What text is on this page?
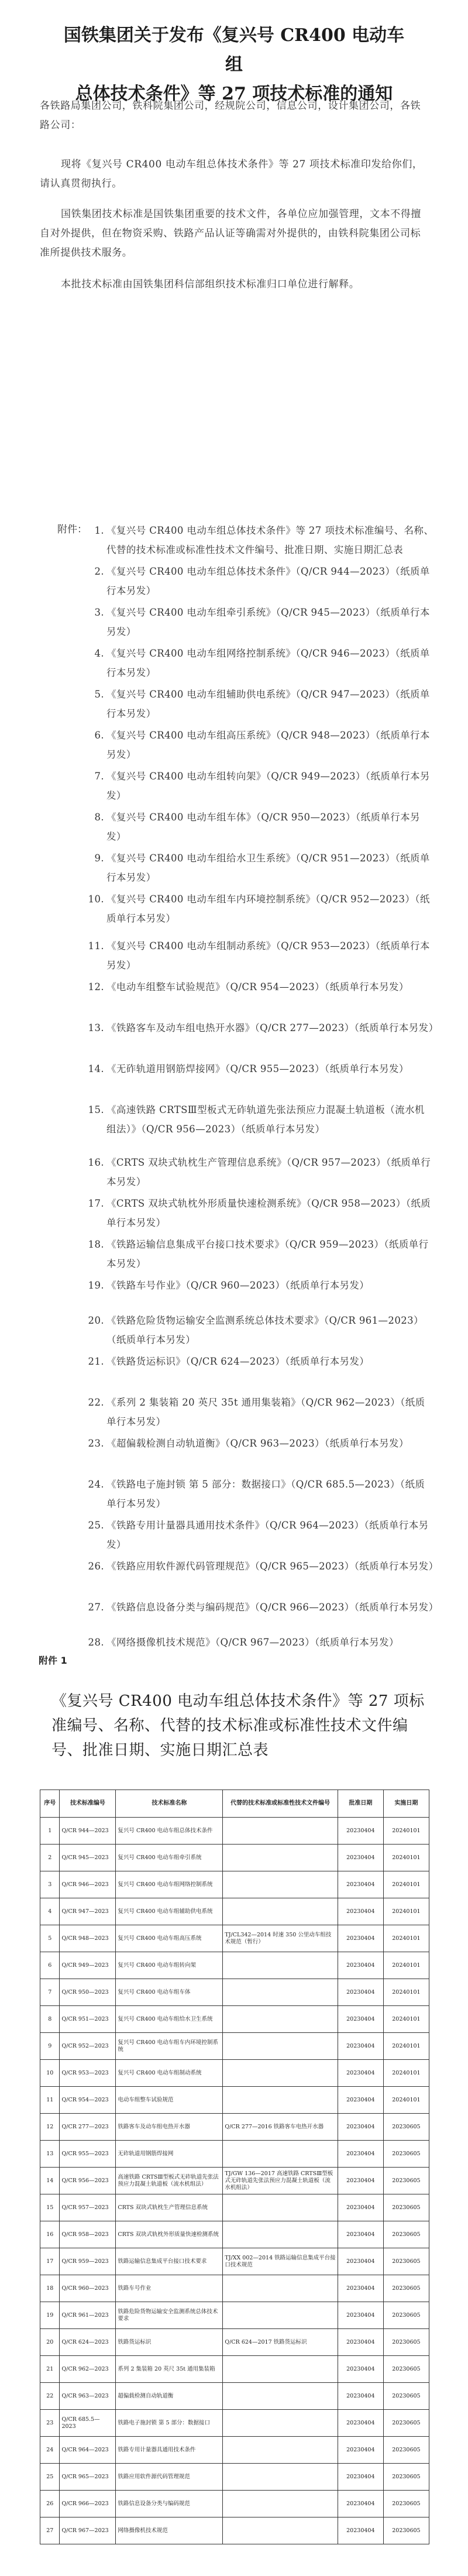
国铁集团关于发布《复兴号 CR400 电动车组
总体技术条件》等 27 项技术标准的通知
各铁路局集团公司，铁科院集团公司，经规院公司，信息公司，设计集团公司，各铁路公司：
现将《复兴号 CR400 电动车组总体技术条件》等 27 项技术标准印发给你们，请认真贯彻执行。
国铁集团技术标准是国铁集团重要的技术文件，各单位应加强管理，文本不得擅自对外提供，但在物资采购、铁路产品认证等确需对外提供的，由铁科院集团公司标准所提供技术服务。
本批技术标准由国铁集团科信部组织技术标准归口单位进行解释。
附件： 1. 《复兴号 CR400 电动车组总体技术条件》等 27 项技术标准编号、名称、代替的技术标准或标准性技术文件编号、批准日期、实施日期汇总表
2. 《复兴号 CR400 电动车组总体技术条件》（Q/CR 944—2023）（纸质单行本另发）
3. 《复兴号 CR400 电动车组牵引系统》（Q/CR 945—2023）（纸质单行本另发）
4. 《复兴号 CR400 电动车组网络控制系统》（Q/CR 946—2023）（纸质单行本另发）
5. 《复兴号 CR400 电动车组辅助供电系统》（Q/CR 947—2023）（纸质单行本另发）
6. 《复兴号 CR400 电动车组高压系统》（Q/CR 948—2023）（纸质单行本另发）
7. 《复兴号 CR400 电动车组转向架》（Q/CR 949—2023）（纸质单行本另发）
8. 《复兴号 CR400 电动车组车体》（Q/CR 950—2023）（纸质单行本另发）
9. 《复兴号 CR400 电动车组给水卫生系统》（Q/CR 951—2023）（纸质单行本另发）
10. 《复兴号 CR400 电动车组车内环境控制系统》（Q/CR 952—2023）（纸质单行本另发）
11. 《复兴号 CR400 电动车组制动系统》（Q/CR 953—2023）（纸质单行本另发）
12. 《电动车组整车试验规范》（Q/CR 954—2023）（纸质单行本另发）
13. 《铁路客车及动车组电热开水器》（Q/CR 277—2023）（纸质单行本另发）
14. 《无砟轨道用钢筋焊接网》（Q/CR 955—2023）（纸质单行本另发）
15. 《高速铁路 CRTSⅢ型板式无砟轨道先张法预应力混凝土轨道板（流水机组法）》（Q/CR 956—2023）（纸质单行本另发）
16. 《CRTS 双块式轨枕生产管理信息系统》（Q/CR 957—2023）（纸质单行本另发）
17. 《CRTS 双块式轨枕外形质量快速检测系统》（Q/CR 958—2023）（纸质单行本另发）
18. 《铁路运输信息集成平台接口技术要求》（Q/CR 959—2023）（纸质单行本另发）
19. 《铁路车号作业》（Q/CR 960—2023）（纸质单行本另发）
20. 《铁路危险货物运输安全监测系统总体技术要求》（Q/CR 961—2023）（纸质单行本另发）
21. 《铁路货运标识》（Q/CR 624—2023）（纸质单行本另发）
22. 《系列 2 集装箱 20 英尺 35t 通用集装箱》（Q/CR 962—2023）（纸质单行本另发）
23. 《超偏载检测自动轨道衡》（Q/CR 963—2023）（纸质单行本另发）
24. 《铁路电子施封锁 第 5 部分：数据接口》（Q/CR 685.5—2023）（纸质单行本另发）
25. 《铁路专用计量器具通用技术条件》（Q/CR 964—2023）（纸质单行本另发）
26. 《铁路应用软件源代码管理规范》（Q/CR 965—2023）（纸质单行本另发）
27. 《铁路信息设备分类与编码规范》（Q/CR 966—2023）（纸质单行本另发）
28. 《网络摄像机技术规范》（Q/CR 967—2023）（纸质单行本另发）
附件 1
《复兴号 CR400 电动车组总体技术条件》等 27 项标准编号、名称、代替的技术标准或标准性技术文件编号、批准日期、实施日期汇总表
序号	技术标准编号	技术标准名称	代替的技术标准或标准性技术文件编号	批准日期	实施日期
1	Q/CR 944—2023	复兴号 CR400 电动车组总体技术条件		20230404	20240101
2	Q/CR 945—2023	复兴号 CR400 电动车组牵引系统		20230404	20240101
3	Q/CR 946—2023	复兴号 CR400 电动车组网络控制系统		20230404	20240101
4	Q/CR 947—2023	复兴号 CR400 电动车组辅助供电系统		20230404	20240101
5	Q/CR 948—2023	复兴号 CR400 电动车组高压系统	TJ/CL342—2014 时速 350 公里动车组技术规范（暂行）	20230404	20240101
6	Q/CR 949—2023	复兴号 CR400 电动车组转向架		20230404	20240101
7	Q/CR 950—2023	复兴号 CR400 电动车组车体		20230404	20240101
8	Q/CR 951—2023	复兴号 CR400 电动车组给水卫生系统		20230404	20240101
9	Q/CR 952—2023	复兴号 CR400 电动车组车内环境控制系统		20230404	20240101
10	Q/CR 953—2023	复兴号 CR400 电动车组制动系统		20230404	20240101
11	Q/CR 954—2023	电动车组整车试验规范		20230404	20240101
12	Q/CR 277—2023	铁路客车及动车组电热开水器	Q/CR 277—2016 铁路客车电热开水器	20230404	20230605
13	Q/CR 955—2023	无砟轨道用钢筋焊接网		20230404	20230605
14	Q/CR 956—2023	高速铁路 CRTSⅢ型板式无砟轨道先张法预应力混凝土轨道板（流水机组法）	TJ/GW 136—2017 高速铁路 CRTSⅢ型板式无砟轨道先张法预应力混凝土轨道板（流水机组法）	20230404	20230605
15	Q/CR 957—2023	CRTS 双块式轨枕生产管理信息系统		20230404	20230605
16	Q/CR 958—2023	CRTS 双块式轨枕外形质量快速检测系统		20230404	20230605
17	Q/CR 959—2023	铁路运输信息集成平台接口技术要求	TJ/XX 002—2014 铁路运输信息集成平台接口技术规范	20230404	20230605
18	Q/CR 960—2023	铁路车号作业		20230404	20230605
19	Q/CR 961—2023	铁路危险货物运输安全监测系统总体技术要求		20230404	20230605
20	Q/CR 624—2023	铁路货运标识	Q/CR 624—2017 铁路货运标识	20230404	20230605
21	Q/CR 962—2023	系列 2 集装箱 20 英尺 35t 通用集装箱		20230404	20230605
22	Q/CR 963—2023	超偏载检测自动轨道衡		20230404	20230605
23	Q/CR 685.5—2023	铁路电子施封锁 第 5 部分：数据接口		20230404	20230605
24	Q/CR 964—2023	铁路专用计量器具通用技术条件		20230404	20230605
25	Q/CR 965—2023	铁路应用软件源代码管理规范		20230404	20230605
26	Q/CR 966—2023	铁路信息设备分类与编码规范		20230404	20230605
27	Q/CR 967—2023	网络摄像机技术规范		20230404	20230605
